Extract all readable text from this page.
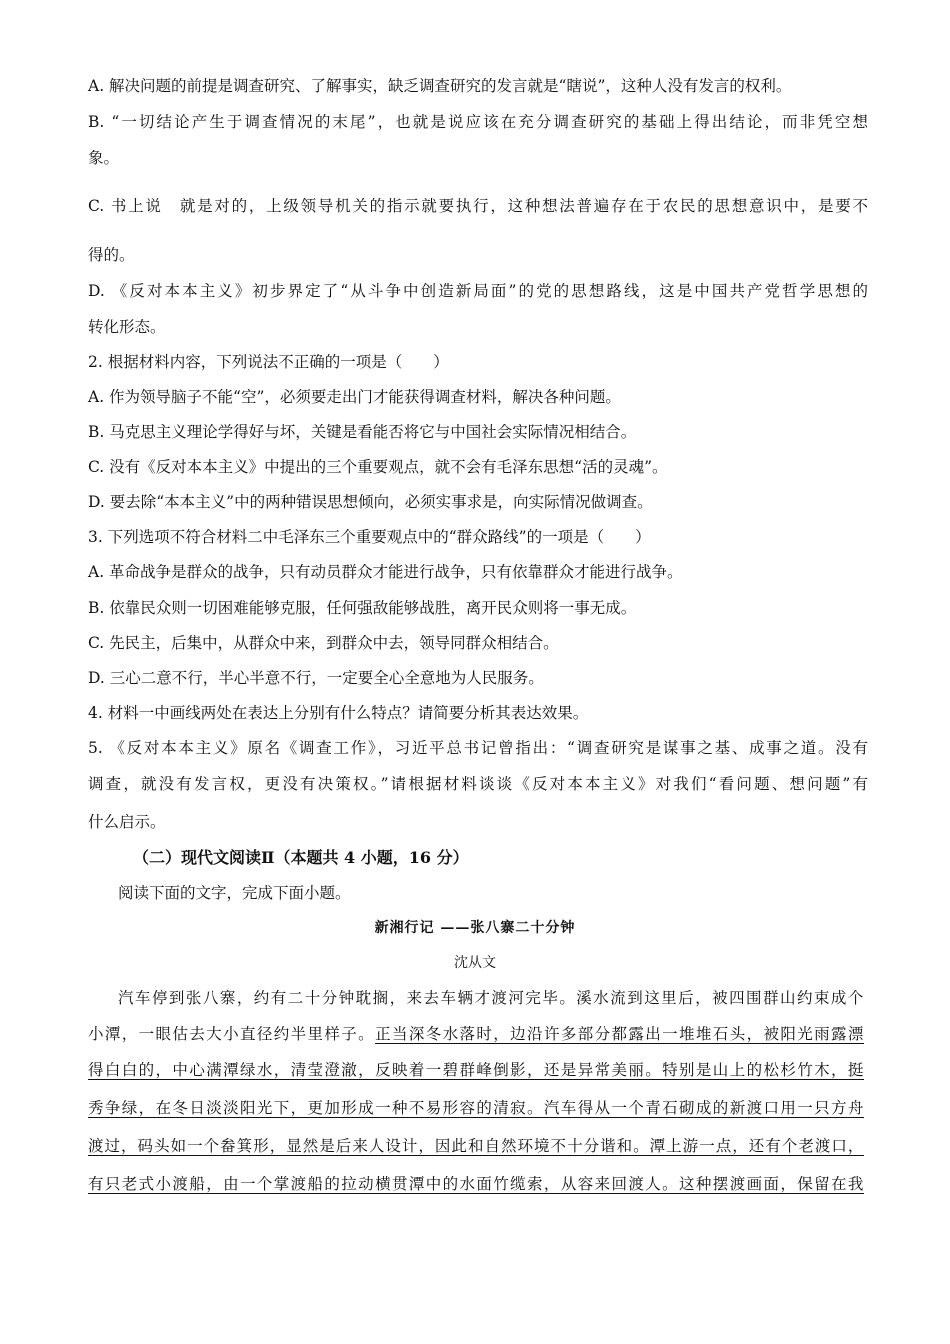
A. 解决问题的前提是调查研究、了解事实，缺乏调查研究的发言就是“瞎说”，这种人没有发言的权利。
B. “一切结论产生于调查情况的末尾”，也就是说应该在充分调查研究的基础上得出结论，而非凭空想
象。
C. 书上说　就是对的，上级领导机关的指示就要执行，这种想法普遍存在于农民的思想意识中，是要不
得的。
D. 《反对本本主义》初步界定了“从斗争中创造新局面”的党的思想路线，这是中国共产党哲学思想的
转化形态。
2. 根据材料内容，下列说法不正确的一项是（　　）
A. 作为领导脑子不能“空”，必须要走出门才能获得调查材料，解决各种问题。
B. 马克思主义理论学得好与坏，关键是看能否将它与中国社会实际情况相结合。
C. 没有《反对本本主义》中提出的三个重要观点，就不会有毛泽东思想“活的灵魂”。
D. 要去除“本本主义”中的两种错误思想倾向，必须实事求是，向实际情况做调查。
3. 下列选项不符合材料二中毛泽东三个重要观点中的“群众路线”的一项是（　　）
A. 革命战争是群众的战争，只有动员群众才能进行战争，只有依靠群众才能进行战争。
B. 依靠民众则一切困难能够克服，任何强敌能够战胜，离开民众则将一事无成。
C. 先民主，后集中，从群众中来，到群众中去，领导同群众相结合。
D. 三心二意不行，半心半意不行，一定要全心全意地为人民服务。
4. 材料一中画线两处在表达上分别有什么特点？请简要分析其表达效果。
5. 《反对本本主义》原名《调查工作》，习近平总书记曾指出：“调查研究是谋事之基、成事之道。没有
调查，就没有发言权，更没有决策权。”请根据材料谈谈《反对本本主义》对我们“看问题、想问题”有
什么启示。
（二）现代文阅读Ⅱ（本题共 4 小题，16 分）
阅读下面的文字，完成下面小题。
新湘行记 ——张八寨二十分钟
沈从文
汽车停到张八寨，约有二十分钟耽搁，来去车辆才渡河完毕。溪水流到这里后，被四围群山约束成个
小潭，一眼估去大小直径约半里样子。正当深冬水落时，边沿许多部分都露出一堆堆石头，被阳光雨露漂
得白白的，中心满潭绿水，清莹澄澈，反映着一碧群峰倒影，还是异常美丽。特别是山上的松杉竹木，挺
秀争绿，在冬日淡淡阳光下，更加形成一种不易形容的清寂。汽车得从一个青石砌成的新渡口用一只方舟
渡过，码头如一个畚箕形，显然是后来人设计，因此和自然环境不十分谐和。潭上游一点，还有个老渡口，
有只老式小渡船，由一个掌渡船的拉动横贯潭中的水面竹缆索，从容来回渡人。这种摆渡画面，保留在我
